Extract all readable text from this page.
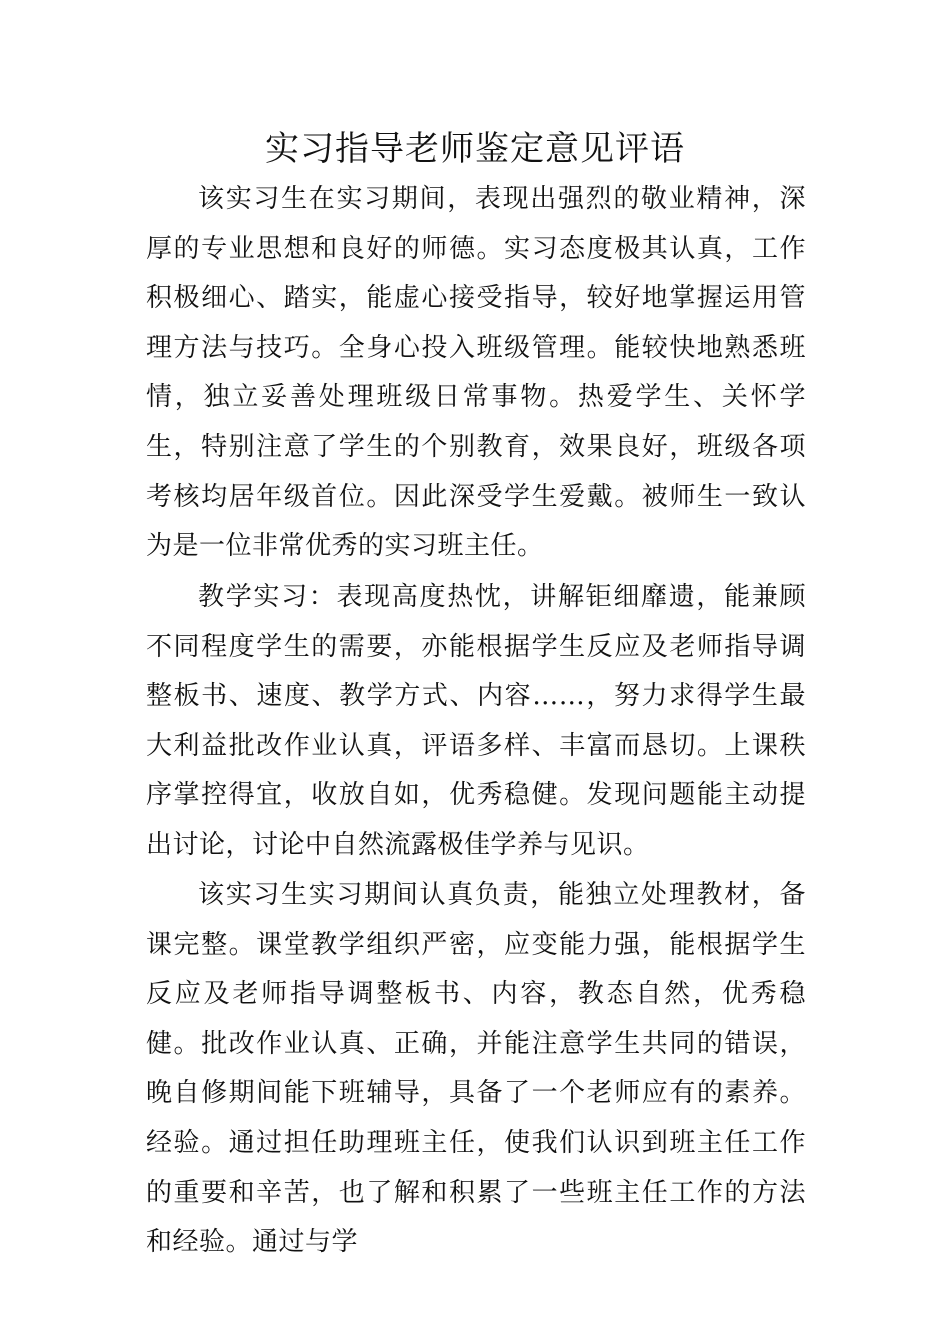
实习指导老师鉴定意见评语

该实习生在实习期间，表现出强烈的敬业精神，深厚的专业思想和良好的师德。实习态度极其认真，工作积极细心、踏实，能虚心接受指导，较好地掌握运用管理方法与技巧。全身心投入班级管理。能较快地熟悉班情，独立妥善处理班级日常事物。热爱学生、关怀学生，特别注意了学生的个别教育，效果良好，班级各项考核均居年级首位。因此深受学生爱戴。被师生一致认为是一位非常优秀的实习班主任。

教学实习：表现高度热忱，讲解钜细靡遗，能兼顾不同程度学生的需要，亦能根据学生反应及老师指导调整板书、速度、教学方式、内容……，努力求得学生最大利益批改作业认真，评语多样、丰富而恳切。上课秩序掌控得宜，收放自如，优秀稳健。发现问题能主动提出讨论，讨论中自然流露极佳学养与见识。

该实习生实习期间认真负责，能独立处理教材，备课完整。课堂教学组织严密，应变能力强，能根据学生反应及老师指导调整板书、内容，教态自然，优秀稳健。批改作业认真、正确，并能注意学生共同的错误，晚自修期间能下班辅导，具备了一个老师应有的素养。经验。通过担任助理班主任，使我们认识到班主任工作的重要和辛苦，也了解和积累了一些班主任工作的方法和经验。通过与学
